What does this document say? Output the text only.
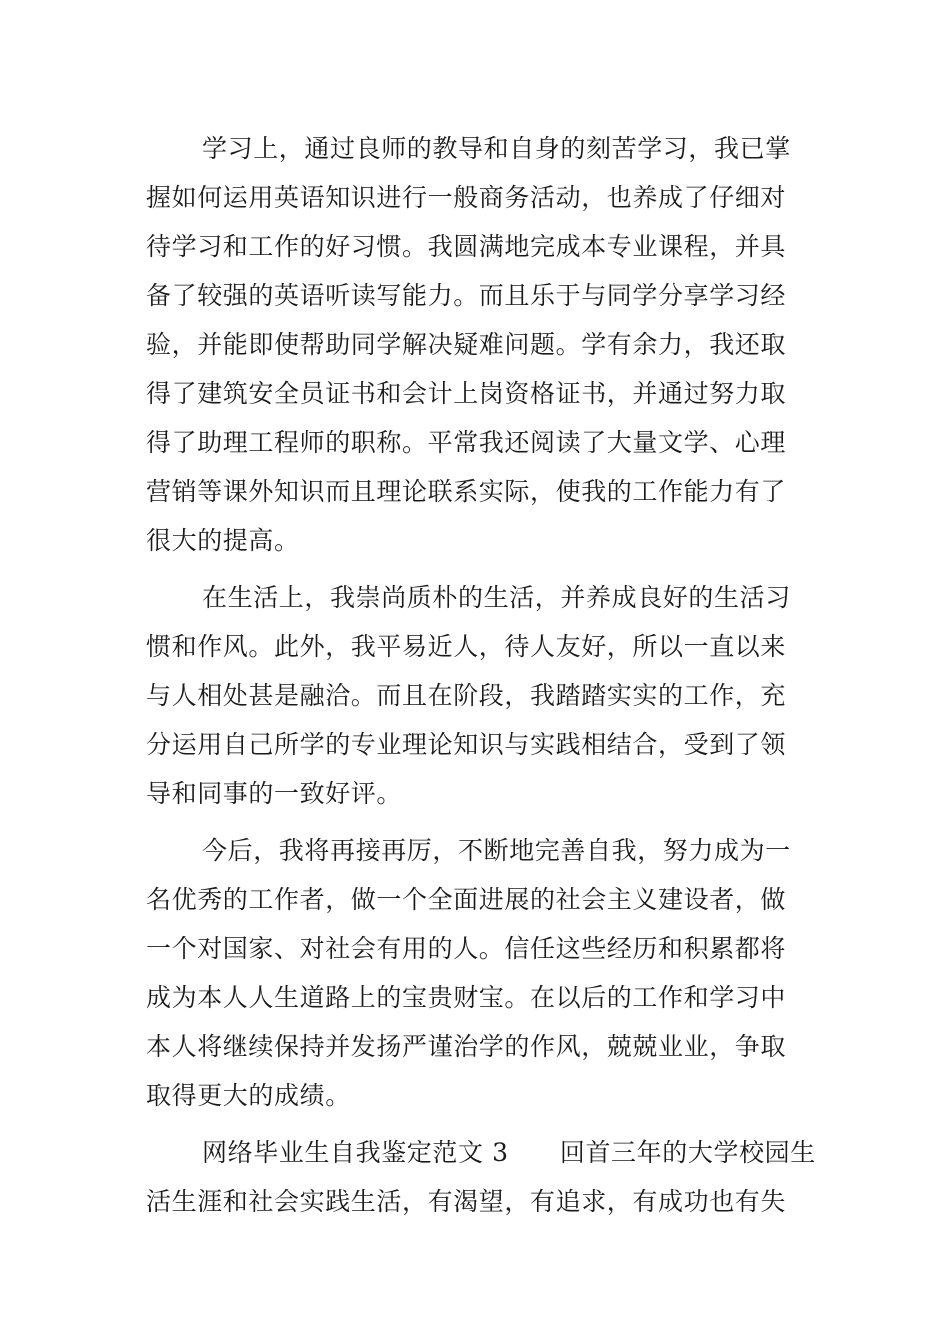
学习上，通过良师的教导和自身的刻苦学习，我已掌
握如何运用英语知识进行一般商务活动，也养成了仔细对
待学习和工作的好习惯。我圆满地完成本专业课程，并具
备了较强的英语听读写能力。而且乐于与同学分享学习经
验，并能即使帮助同学解决疑难问题。学有余力，我还取
得了建筑安全员证书和会计上岗资格证书，并通过努力取
得了助理工程师的职称。平常我还阅读了大量文学、心理
营销等课外知识而且理论联系实际，使我的工作能力有了
很大的提高。
在生活上，我崇尚质朴的生活，并养成良好的生活习
惯和作风。此外，我平易近人，待人友好，所以一直以来
与人相处甚是融洽。而且在阶段，我踏踏实实的工作，充
分运用自己所学的专业理论知识与实践相结合，受到了领
导和同事的一致好评。
今后，我将再接再厉，不断地完善自我，努力成为一
名优秀的工作者，做一个全面进展的社会主义建设者，做
一个对国家、对社会有用的人。信任这些经历和积累都将
成为本人人生道路上的宝贵财宝。在以后的工作和学习中
本人将继续保持并发扬严谨治学的作风，兢兢业业，争取
取得更大的成绩。
网络毕业生自我鉴定范文 3　　回首三年的大学校园生
活生涯和社会实践生活，有渴望，有追求，有成功也有失
